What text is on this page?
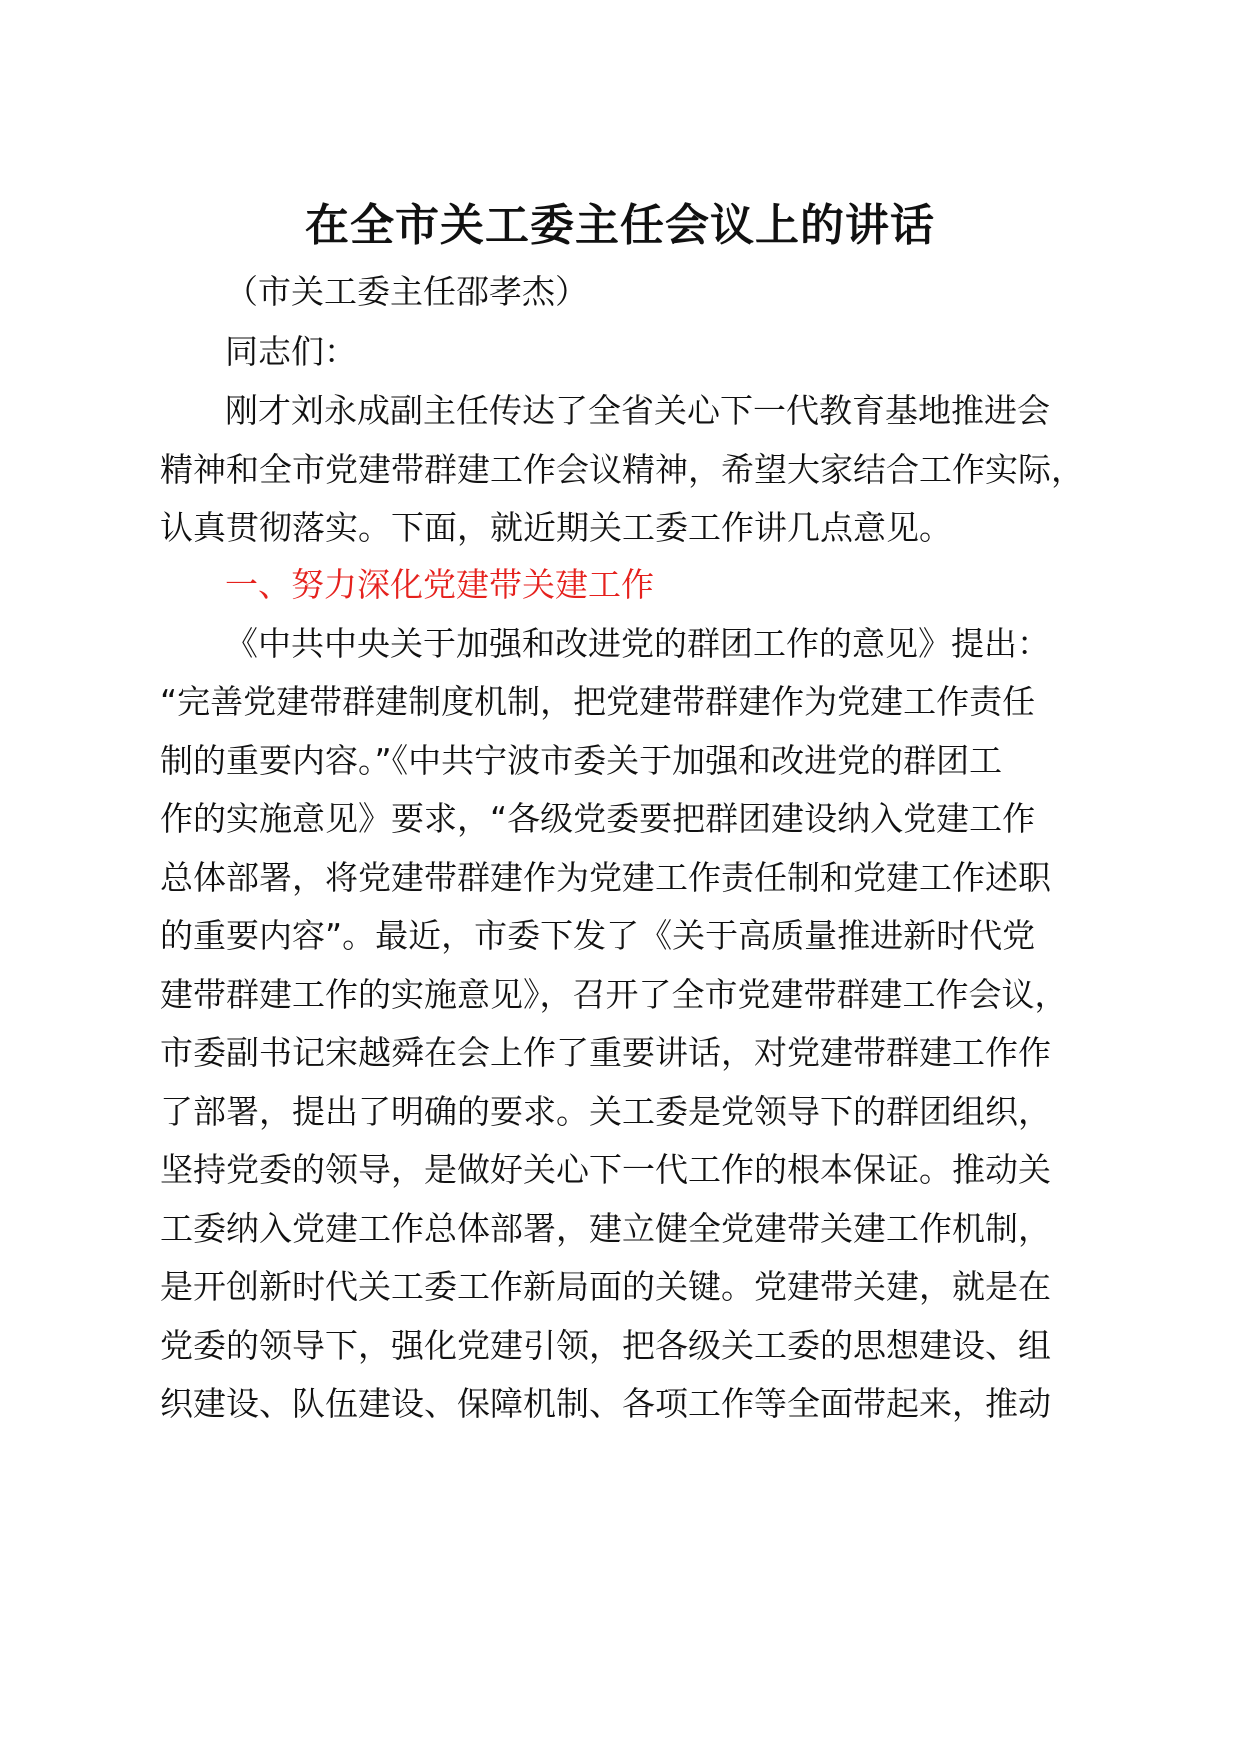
在全市关工委主任会议上的讲话
（市关工委主任邵孝杰）
同志们：
刚才刘永成副主任传达了全省关心下一代教育基地推进会
精神和全市党建带群建工作会议精神，希望大家结合工作实际，
认真贯彻落实。下面，就近期关工委工作讲几点意见。
一、努力深化党建带关建工作
《中共中央关于加强和改进党的群团工作的意见》提出：
“完善党建带群建制度机制，把党建带群建作为党建工作责任
制的重要内容。”《中共宁波市委关于加强和改进党的群团工
作的实施意见》要求，“各级党委要把群团建设纳入党建工作
总体部署，将党建带群建作为党建工作责任制和党建工作述职
的重要内容”。最近，市委下发了《关于高质量推进新时代党
建带群建工作的实施意见》，召开了全市党建带群建工作会议，
市委副书记宋越舜在会上作了重要讲话，对党建带群建工作作
了部署，提出了明确的要求。关工委是党领导下的群团组织，
坚持党委的领导，是做好关心下一代工作的根本保证。推动关
工委纳入党建工作总体部署，建立健全党建带关建工作机制，
是开创新时代关工委工作新局面的关键。党建带关建，就是在
党委的领导下，强化党建引领，把各级关工委的思想建设、组
织建设、队伍建设、保障机制、各项工作等全面带起来，推动
